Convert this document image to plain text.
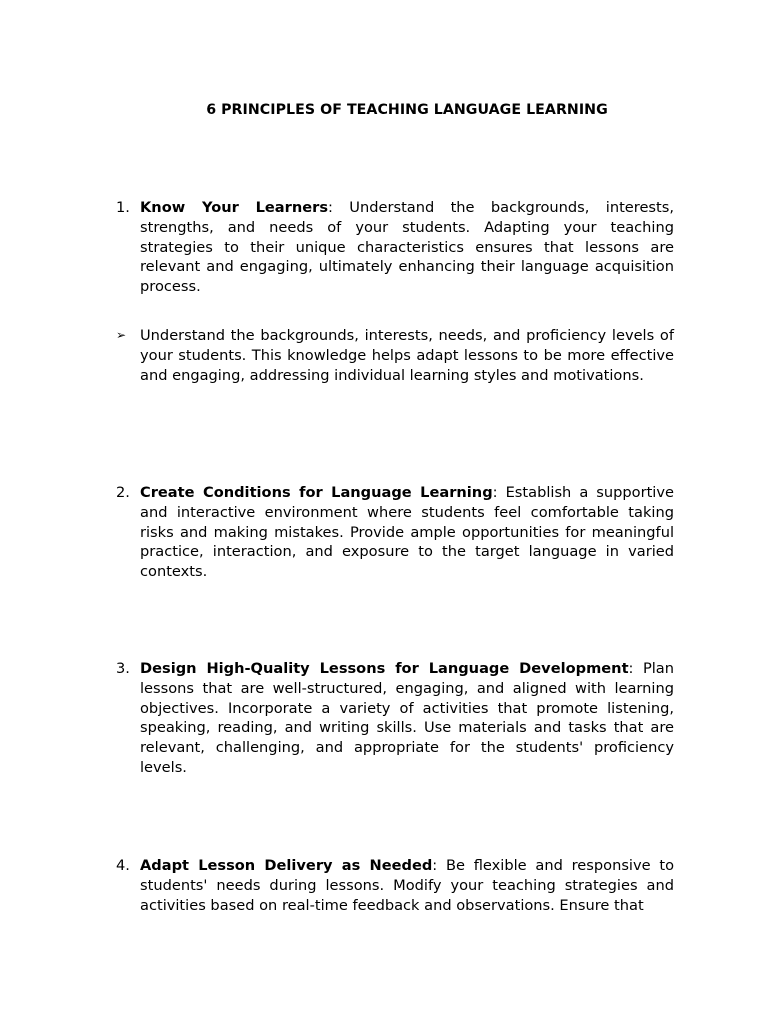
6 PRINCIPLES OF TEACHING LANGUAGE LEARNING
1. Know Your Learners: Understand the backgrounds, interests, strengths, and needs of your students. Adapting your teaching strategies to their unique characteristics ensures that lessons are relevant and engaging, ultimately enhancing their language acquisition process.
➢ Understand the backgrounds, interests, needs, and proficiency levels of your students. This knowledge helps adapt lessons to be more effective and engaging, addressing individual learning styles and motivations.
2. Create Conditions for Language Learning: Establish a supportive and interactive environment where students feel comfortable taking risks and making mistakes. Provide ample opportunities for meaningful practice, interaction, and exposure to the target language in varied contexts.
3. Design High-Quality Lessons for Language Development: Plan lessons that are well-structured, engaging, and aligned with learning objectives. Incorporate a variety of activities that promote listening, speaking, reading, and writing skills. Use materials and tasks that are relevant, challenging, and appropriate for the students' proficiency levels.
4. Adapt Lesson Delivery as Needed: Be flexible and responsive to students' needs during lessons. Modify your teaching strategies and activities based on real-time feedback and observations. Ensure that
